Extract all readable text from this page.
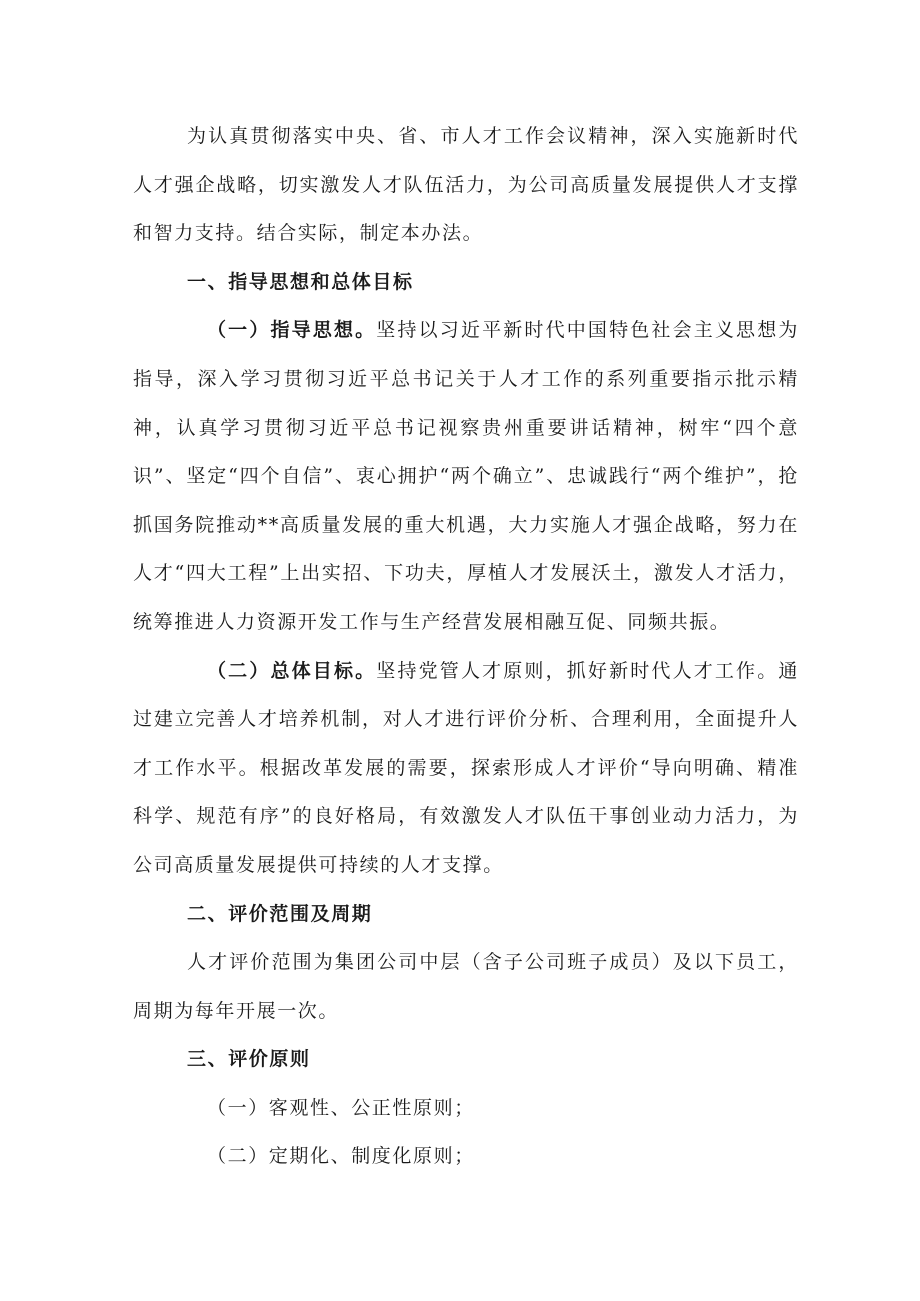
为认真贯彻落实中央、省、市人才工作会议精神，深入实施新时代人才强企战略，切实激发人才队伍活力，为公司高质量发展提供人才支撑和智力支持。结合实际，制定本办法。

一、指导思想和总体目标

（一）指导思想。坚持以习近平新时代中国特色社会主义思想为指导，深入学习贯彻习近平总书记关于人才工作的系列重要指示批示精神，认真学习贯彻习近平总书记视察贵州重要讲话精神，树牢“四个意识”、坚定“四个自信”、衷心拥护“两个确立”、忠诚践行“两个维护”，抢抓国务院推动**高质量发展的重大机遇，大力实施人才强企战略，努力在人才“四大工程”上出实招、下功夫，厚植人才发展沃土，激发人才活力，统筹推进人力资源开发工作与生产经营发展相融互促、同频共振。

（二）总体目标。坚持党管人才原则，抓好新时代人才工作。通过建立完善人才培养机制，对人才进行评价分析、合理利用，全面提升人才工作水平。根据改革发展的需要，探索形成人才评价“导向明确、精准科学、规范有序”的良好格局，有效激发人才队伍干事创业动力活力，为公司高质量发展提供可持续的人才支撑。

二、评价范围及周期

人才评价范围为集团公司中层（含子公司班子成员）及以下员工，周期为每年开展一次。

三、评价原则

（一）客观性、公正性原则；

（二）定期化、制度化原则；
